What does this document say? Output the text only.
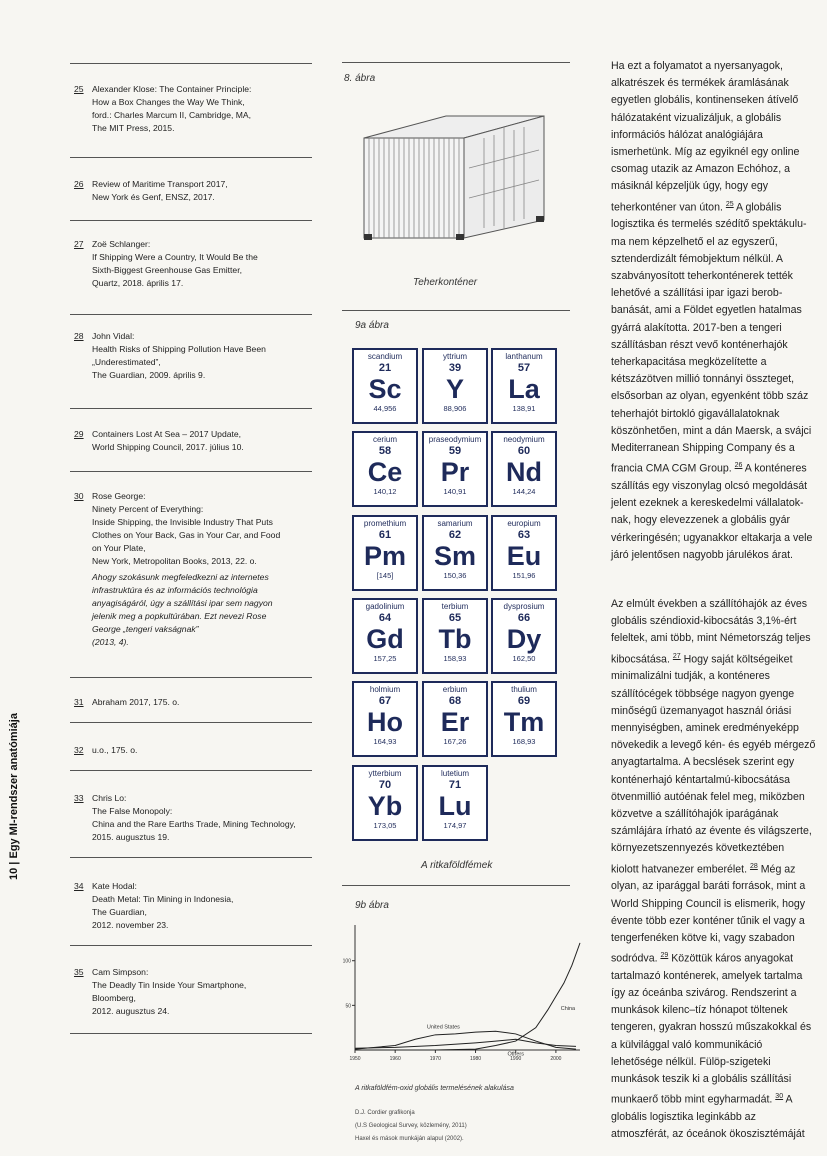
10 | Egy MI-rendszer anatómiája
25 Alexander Klose: The Container Principle:
How a Box Changes the Way We Think,
ford.: Charles Marcum II, Cambridge, MA,
The MIT Press, 2015.
26 Review of Maritime Transport 2017,
New York és Genf, ENSZ, 2017.
27 Zoë Schlanger:
If Shipping Were a Country, It Would Be the
Sixth-Biggest Greenhouse Gas Emitter,
Quartz, 2018. április 17.
28 John Vidal:
Health Risks of Shipping Pollution Have Been
„Underestimated”,
The Guardian, 2009. április 9.
29 Containers Lost At Sea – 2017 Update,
World Shipping Council, 2017. július 10.
30 Rose George:
Ninety Percent of Everything:
Inside Shipping, the Invisible Industry That Puts
Clothes on Your Back, Gas in Your Car, and Food
on Your Plate,
New York, Metropolitan Books, 2013, 22. o.
Ahogy szokásunk megfeledkezni az internetes
infrastruktúra és az információs technológia
anyagiságáról, úgy a szállítási ipar sem nagyon
jelenik meg a popkultúrában. Ezt nevezi Rose
George „tengeri vakságnak”
(2013, 4).
31 Abraham 2017, 175. o.
32 u.o., 175. o.
33 Chris Lo:
The False Monopoly:
China and the Rare Earths Trade, Mining Technology,
2015. augusztus 19.
34 Kate Hodal:
Death Metal: Tin Mining in Indonesia,
The Guardian,
2012. november 23.
35 Cam Simpson:
The Deadly Tin Inside Your Smartphone,
Bloomberg,
2012. augusztus 24.
8. ábra
Teherkonténer
9a ábra
scandium
21
Sc
44,956
yttrium
39
Y
88,906
lanthanum
57
La
138,91
cerium
58
Ce
140,12
praseodymium
59
Pr
140,91
neodymium
60
Nd
144,24
promethium
61
Pm
[145]
samarium
62
Sm
150,36
europium
63
Eu
151,96
gadolinium
64
Gd
157,25
terbium
65
Tb
158,93
dysprosium
66
Dy
162,50
holmium
67
Ho
164,93
erbium
68
Er
167,26
thulium
69
Tm
168,93
ytterbium
70
Yb
173,05
lutetium
71
Lu
174,97
A ritkaföldfémek
9b ábra
1950	1960	1970	1980	1990	2000
50
100
China
United States
Others
A ritkaföldfém-oxid globális termelésének alakulása
D.J. Cordier grafikonja
(U.S Geological Survey, közlemény, 2011)
Haxel és mások munkáján alapul (2002).
Ha ezt a folyamatot a nyersanyagok,
alkatrészek és termékek áramlásának
egyetlen globális, kontinenseken átívelő
hálózataként vizualizáljuk, a globális
információs hálózat analógiájára
ismerhetünk. Míg az egyiknél egy online
csomag utazik az Amazon Echóhoz, a
másiknál képzeljük úgy, hogy egy
teherkonténer van úton. $^{25}$ A globális
logisztika és termelés szédítő spektákulu-
ma nem képzelhető el az egyszerű,
sztenderdizált fémobjektum nélkül. A
szabványosított teherkonténerek tették
lehetővé a szállítási ipar igazi berob-
banását, ami a Földet egyetlen hatalmas
gyárrá alakította. 2017-ben a tengeri
szállításban részt vevő konténerhajók
teherkapacitása megközelítette a
kétszázötven millió tonnányi összteget,
elsősorban az olyan, egyenként több száz
teherhajót birtokló gigavállalatoknak
köszönhetően, mint a dán Maersk, a svájci
Mediterranean Shipping Company és a
francia CMA CGM Group. $^{26}$ A konténeres
szállítás egy viszonylag olcsó megoldását
jelent ezeknek a kereskedelmi vállalatok-
nak, hogy elevezzenek a globális gyár
vérkeringésén; ugyanakkor eltakarja a vele
járó jelentősen nagyobb járulékos árat.
Az elmúlt években a szállítóhajók az éves
globális széndioxid-kibocsátás 3,1%-ért
feleltek, ami több, mint Németország teljes
kibocsátása. $^{27}$ Hogy saját költségeiket
minimalizálni tudják, a konténeres
szállítócégek többsége nagyon gyenge
minőségű üzemanyagot használ óriási
mennyiségben, aminek eredményeképp
növekedik a levegő kén- és egyéb mérgező
anyagtartalma. A becslések szerint egy
konténerhajó kéntartalmú-kibocsátása
ötvenmillió autóénak felel meg, miközben
közvetve a szállítóhajók iparágának
számlájára írható az évente és világszerte,
környezetszennyezés következtében
kiolott hatvanezer emberélet. $^{28}$ Még az
olyan, az iparággal baráti források, mint a
World Shipping Council is elismerik, hogy
évente több ezer konténer tűnik el vagy a
tengerfenéken kötve ki, vagy szabadon
sodródva. $^{29}$ Közöttük káros anyagokat
tartalmazó konténerek, amelyek tartalma
így az óceánba szivárog. Rendszerint a
munkások kilenc–tíz hónapot töltenek
tengeren, gyakran hosszú műszakokkal és
a külvilággal való kommunikáció
lehetősége nélkül. Fülöp-szigeteki
munkások teszik ki a globális szállítási
munkaerő több mint egyharmadát. $^{30}$ A
globális logisztika leginkább az
atmoszférát, az óceánok ökoszisztémáját
